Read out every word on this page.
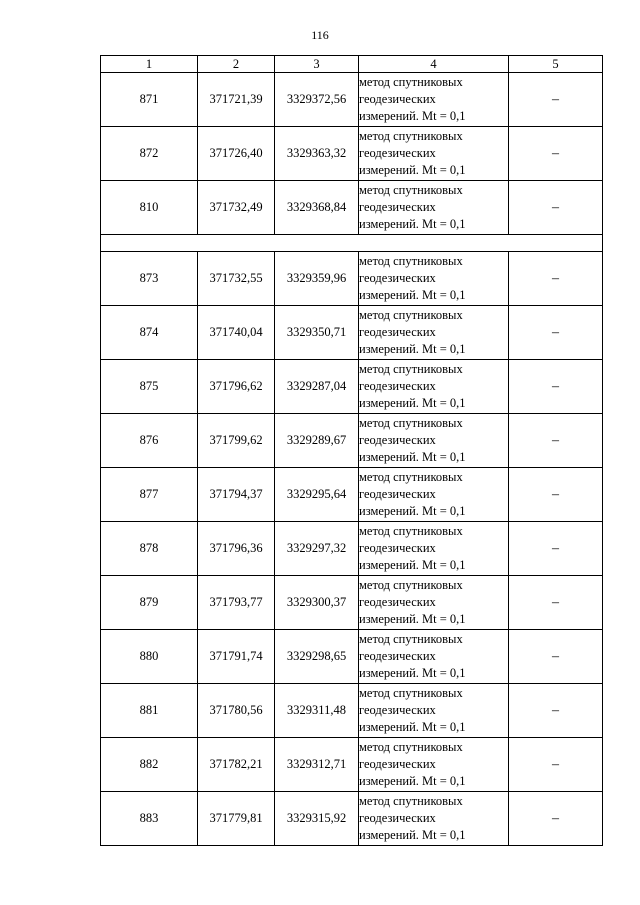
116
1	2	3	4	5
871	371721,39	3329372,56	метод спутниковых
геодезических
измерений. Mt = 0,1	–
872	371726,40	3329363,32	метод спутниковых
геодезических
измерений. Mt = 0,1	–
810	371732,49	3329368,84	метод спутниковых
геодезических
измерений. Mt = 0,1	–

873	371732,55	3329359,96	метод спутниковых
геодезических
измерений. Mt = 0,1	–
874	371740,04	3329350,71	метод спутниковых
геодезических
измерений. Mt = 0,1	–
875	371796,62	3329287,04	метод спутниковых
геодезических
измерений. Mt = 0,1	–
876	371799,62	3329289,67	метод спутниковых
геодезических
измерений. Mt = 0,1	–
877	371794,37	3329295,64	метод спутниковых
геодезических
измерений. Mt = 0,1	–
878	371796,36	3329297,32	метод спутниковых
геодезических
измерений. Mt = 0,1	–
879	371793,77	3329300,37	метод спутниковых
геодезических
измерений. Mt = 0,1	–
880	371791,74	3329298,65	метод спутниковых
геодезических
измерений. Mt = 0,1	–
881	371780,56	3329311,48	метод спутниковых
геодезических
измерений. Mt = 0,1	–
882	371782,21	3329312,71	метод спутниковых
геодезических
измерений. Mt = 0,1	–
883	371779,81	3329315,92	метод спутниковых
геодезических
измерений. Mt = 0,1	–
